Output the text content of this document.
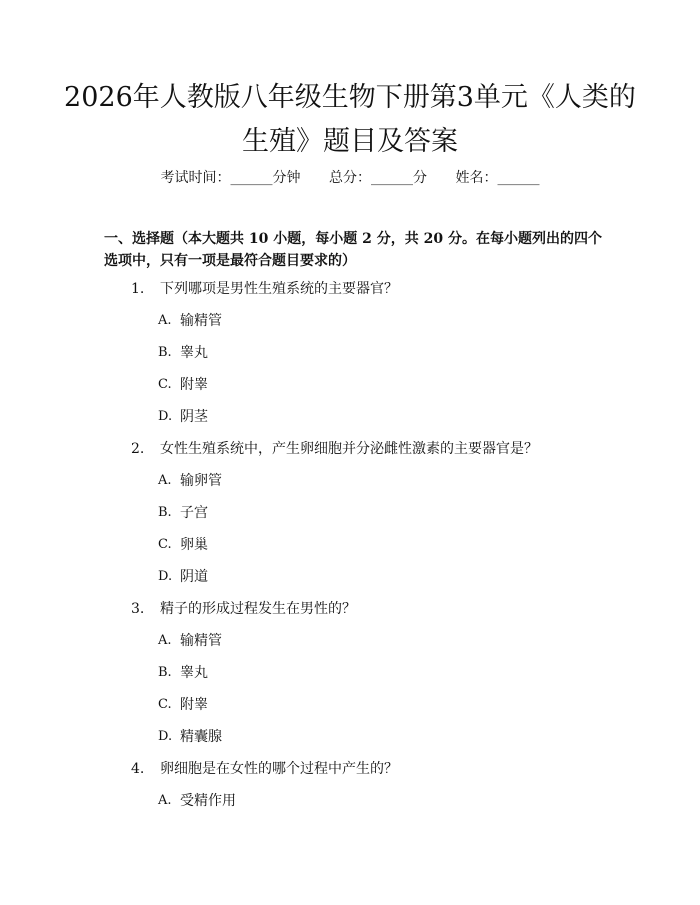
2026年人教版八年级生物下册第3单元《人类的生殖》题目及答案
考试时间：______分钟 总分：______分 姓名：______

一、选择题（本大题共 10 小题，每小题 2 分，共 20 分。在每小题列出的四个选项中，只有一项是最符合题目要求的）

1. 下列哪项是男性生殖系统的主要器官？
A. 输精管
B. 睾丸
C. 附睾
D. 阴茎
2. 女性生殖系统中，产生卵细胞并分泌雌性激素的主要器官是？
A. 输卵管
B. 子宫
C. 卵巢
D. 阴道
3. 精子的形成过程发生在男性的？
A. 输精管
B. 睾丸
C. 附睾
D. 精囊腺
4. 卵细胞是在女性的哪个过程中产生的？
A. 受精作用
